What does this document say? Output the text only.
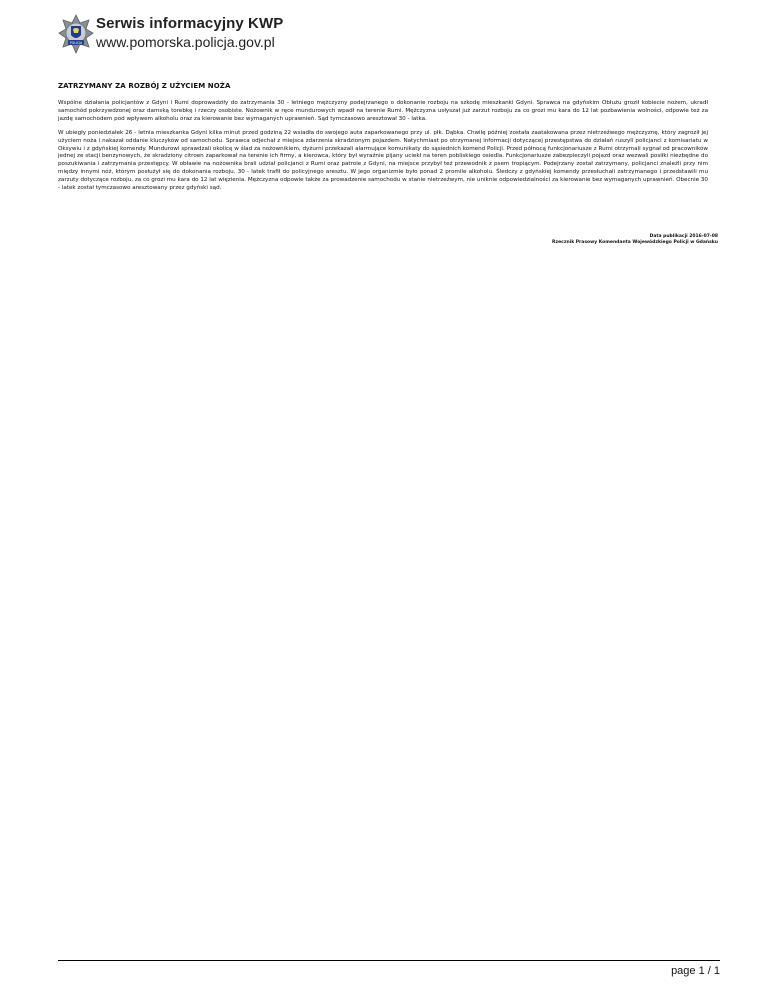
POLICJA
Serwis informacyjny KWP
www.pomorska.policja.gov.pl
ZATRZYMANY ZA ROZBÓJ Z UŻYCIEM NOŻA

Wspólne działania policjantów z Gdyni i Rumi doprowadziły do zatrzymania 30 - letniego mężczyzny podejrzanego o dokonanie rozboju na szkodę mieszkanki Gdyni. Sprawca na gdyńskim Obłużu groził kobiecie nożem, ukradł samochód pokrzywdzonej oraz damską torebkę i rzeczy osobiste. Nożownik w ręce mundurowych wpadł na terenie Rumi. Mężczyzna usłyszał już zarzut rozboju za co grozi mu kara do 12 lat pozbawienia wolności, odpowie też za jazdę samochodem pod wpływem alkoholu oraz za kierowanie bez wymaganych uprawnień. Sąd tymczasowo aresztował 30 - latka.

W ubiegły poniedziałek 26 - letnia mieszkanka Gdyni kilka minut przed godziną 22 wsiadła do swojego auta zaparkowanego przy ul. płk. Dąbka. Chwilę później została zaatakowana przez nietrzeźwego mężczyznę, który zagroził jej użyciem noża i nakazał oddanie kluczyków od samochodu. Sprawca odjechał z miejsca zdarzenia skradzionym pojazdem. Natychmiast po otrzymanej informacji dotyczącej przestępstwa do działań ruszyli policjanci z komisariatu w Oksywiu i z gdyńskiej komendy. Mundurowi sprawdzali okolicę w ślad za nożownikiem, dyżurni przekazali alarmujące komunikaty do sąsiednich komend Policji. Przed północą funkcjonariusze z Rumi otrzymali sygnał od pracowników jednej ze stacji benzynowych, że skradziony citroen zaparkował na terenie ich firmy, a kierowca, który był wyraźnie pijany uciekł na teren pobliskiego osiedla. Funkcjonariusze zabezpieczyli pojazd oraz wezwali posiłki niezbędne do poszukiwania i zatrzymania przestępcy. W obławie na nożownika brali udział policjanci z Rumi oraz patrole z Gdyni, na miejsce przybył też przewodnik z psem tropiącym. Podejrzany został zatrzymany, policjanci znaleźli przy nim między innymi nóż, którym posłużył się do dokonania rozboju. 30 - latek trafił do policyjnego aresztu. W jego organizmie było ponad 2 promile alkoholu. Śledczy z gdyńskiej komendy przesłuchali zatrzymanego i przedstawili mu zarzuty dotyczące rozboju, za co grozi mu kara do 12 lat więzienia. Mężczyzna odpowie także za prowadzenie samochodu w stanie nietrzeźwym, nie uniknie odpowiedzialności za kierowanie bez wymaganych uprawnień. Obecnie 30 - latek został tymczasowo aresztowany przez gdyński sąd.

Data publikacji 2016-07-08
Rzecznik Prasowy Komendanta Wojewódzkiego Policji w Gdańsku
page 1 / 1
